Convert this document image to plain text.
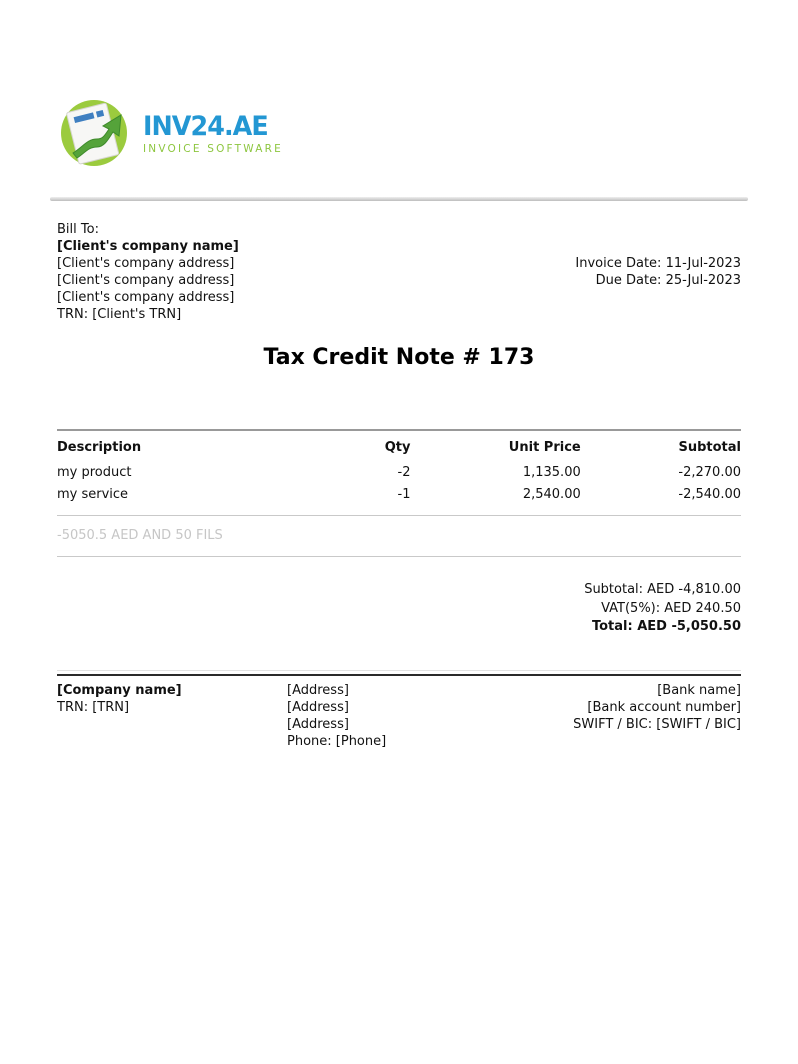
INV24.AE
INVOICE SOFTWARE
Bill To:
[Client's company name]
[Client's company address]
[Client's company address]
[Client's company address]
TRN: [Client's TRN]
Invoice Date: 11-Jul-2023
Due Date: 25-Jul-2023
Tax Credit Note # 173
Description	Qty	Unit Price	Subtotal
my product	-2	1,135.00	-2,270.00
my service	-1	2,540.00	-2,540.00
-5050.5 AED AND 50 FILS
Subtotal: AED -4,810.00
VAT(5%): AED 240.50
Total: AED -5,050.50
[Company name]
TRN: [TRN]
[Address]
[Address]
[Address]
Phone: [Phone]
[Bank name]
[Bank account number]
SWIFT / BIC: [SWIFT / BIC]
